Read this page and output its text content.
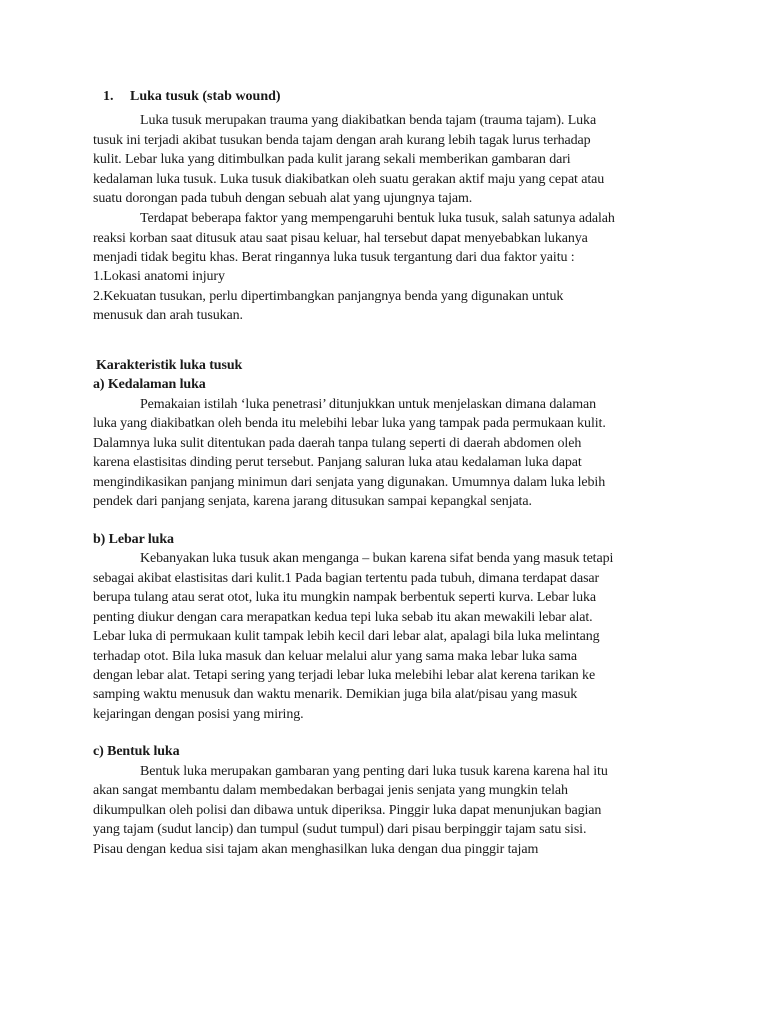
1. Luka tusuk (stab wound)
Luka tusuk merupakan trauma yang diakibatkan benda tajam (trauma tajam). Luka
tusuk ini terjadi akibat tusukan benda tajam dengan arah kurang lebih tagak lurus terhadap
kulit. Lebar luka yang ditimbulkan pada kulit jarang sekali memberikan gambaran dari
kedalaman luka tusuk. Luka tusuk diakibatkan oleh suatu gerakan aktif maju yang cepat atau
suatu dorongan pada tubuh dengan sebuah alat yang ujungnya tajam.
Terdapat beberapa faktor yang mempengaruhi bentuk luka tusuk, salah satunya adalah
reaksi korban saat ditusuk atau saat pisau keluar, hal tersebut dapat menyebabkan lukanya
menjadi tidak begitu khas. Berat ringannya luka tusuk tergantung dari dua faktor yaitu :
1.Lokasi anatomi injury
2.Kekuatan tusukan, perlu dipertimbangkan panjangnya benda yang digunakan untuk
menusuk dan arah tusukan.
Karakteristik luka tusuk
a) Kedalaman luka
Pemakaian istilah ‘luka penetrasi’ ditunjukkan untuk menjelaskan dimana dalaman
luka yang diakibatkan oleh benda itu melebihi lebar luka yang tampak pada permukaan kulit.
Dalamnya luka sulit ditentukan pada daerah tanpa tulang seperti di daerah abdomen oleh
karena elastisitas dinding perut tersebut. Panjang saluran luka atau kedalaman luka dapat
mengindikasikan panjang minimun dari senjata yang digunakan. Umumnya dalam luka lebih
pendek dari panjang senjata, karena jarang ditusukan sampai kepangkal senjata.
b) Lebar luka
Kebanyakan luka tusuk akan menganga – bukan karena sifat benda yang masuk tetapi
sebagai akibat elastisitas dari kulit.1 Pada bagian tertentu pada tubuh, dimana terdapat dasar
berupa tulang atau serat otot, luka itu mungkin nampak berbentuk seperti kurva. Lebar luka
penting diukur dengan cara merapatkan kedua tepi luka sebab itu akan mewakili lebar alat.
Lebar luka di permukaan kulit tampak lebih kecil dari lebar alat, apalagi bila luka melintang
terhadap otot. Bila luka masuk dan keluar melalui alur yang sama maka lebar luka sama
dengan lebar alat. Tetapi sering yang terjadi lebar luka melebihi lebar alat kerena tarikan ke
samping waktu menusuk dan waktu menarik. Demikian juga bila alat/pisau yang masuk
kejaringan dengan posisi yang miring.
c) Bentuk luka
Bentuk luka merupakan gambaran yang penting dari luka tusuk karena karena hal itu
akan sangat membantu dalam membedakan berbagai jenis senjata yang mungkin telah
dikumpulkan oleh polisi dan dibawa untuk diperiksa. Pinggir luka dapat menunjukan bagian
yang tajam (sudut lancip) dan tumpul (sudut tumpul) dari pisau berpinggir tajam satu sisi.
Pisau dengan kedua sisi tajam akan menghasilkan luka dengan dua pinggir tajam
